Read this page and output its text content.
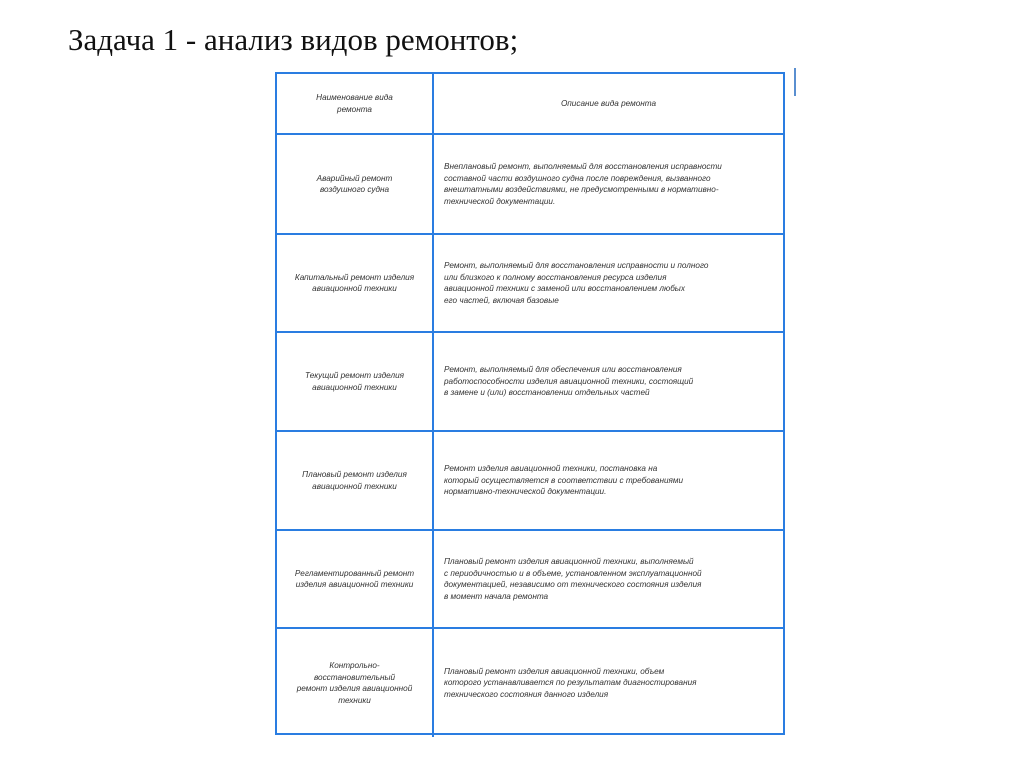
Задача 1 - анализ видов ремонтов;
Наименование вида
ремонта
Описание вида ремонта
Аварийный ремонт
воздушного судна
Внеплановый ремонт, выполняемый для восстановления исправности
составной части воздушного судна после повреждения, вызванного
внештатными воздействиями, не предусмотренными в нормативно-
технической документации.
Капитальный ремонт изделия
авиационной техники
Ремонт, выполняемый для восстановления исправности и полного
или близкого к полному восстановления ресурса изделия
авиационной техники с заменой или восстановлением любых
его частей, включая базовые
Текущий ремонт изделия
авиационной техники
Ремонт, выполняемый для обеспечения или восстановления
работоспособности изделия авиационной техники, состоящий
в замене и (или) восстановлении отдельных частей
Плановый ремонт изделия
авиационной техники
Ремонт изделия авиационной техники, постановка на
который осуществляется в соответствии с требованиями
нормативно-технической документации.
Регламентированный ремонт
изделия авиационной техники
Плановый ремонт изделия авиационной техники, выполняемый
с периодичностью и в объеме, установленном эксплуатационной
документацией, независимо от технического состояния изделия
в момент начала ремонта
Контрольно-
восстановительный
ремонт изделия авиационной
техники
Плановый ремонт изделия авиационной техники, объем
которого устанавливается по результатам диагностирования
технического состояния данного изделия
